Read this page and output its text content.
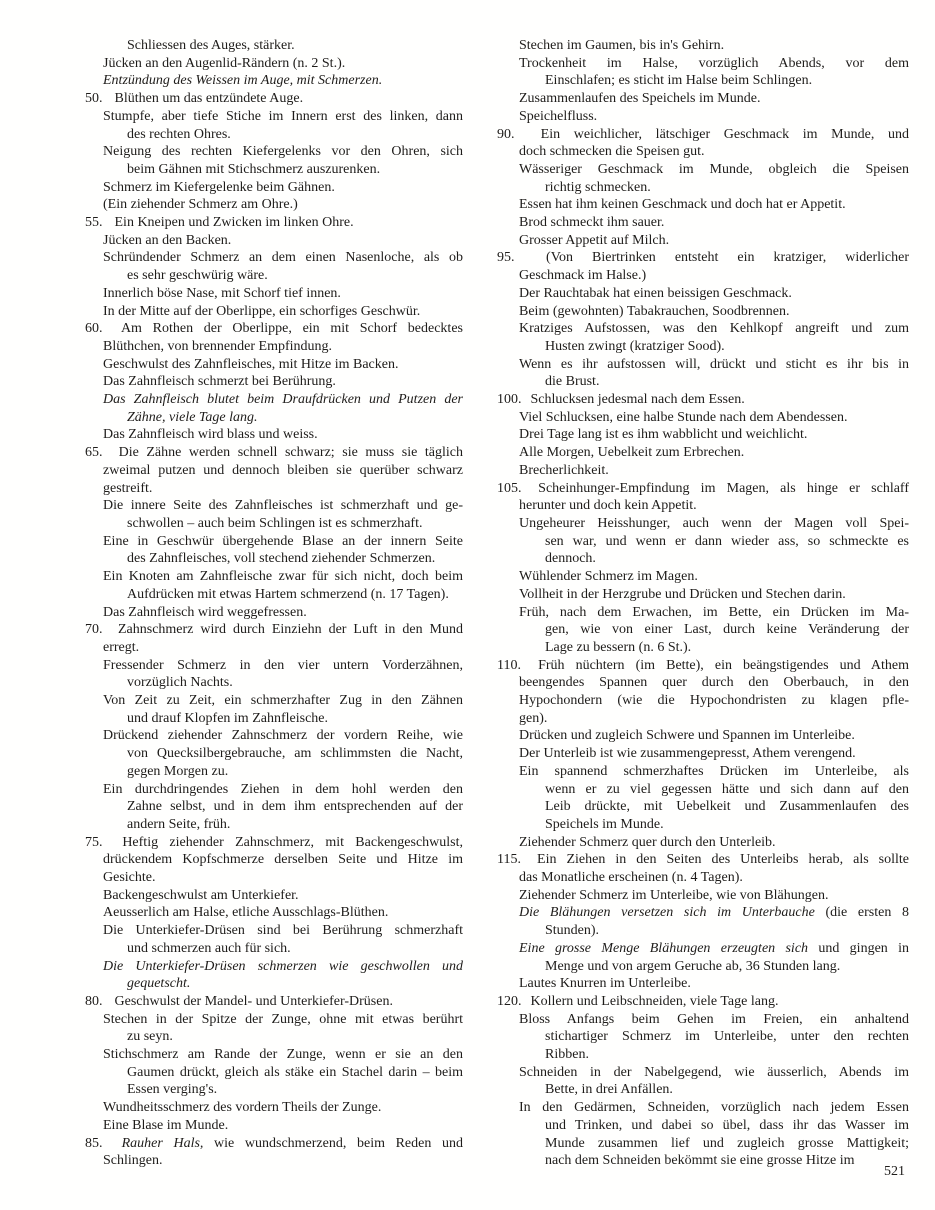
Schliessen des Auges, stärker.
Jücken an den Augenlid-Rändern (n. 2 St.).
Entzündung des Weissen im Auge, mit Schmerzen.
50. Blüthen um das entzündete Auge.
Stumpfe, aber tiefe Stiche im Innern erst des linken, dann
des rechten Ohres.
Neigung des rechten Kiefergelenks vor den Ohren, sich
beim Gähnen mit Stichschmerz auszurenken.
Schmerz im Kiefergelenke beim Gähnen.
(Ein ziehender Schmerz am Ohre.)
55. Ein Kneipen und Zwicken im linken Ohre.
Jücken an den Backen.
Schründender Schmerz an dem einen Nasenloche, als ob
es sehr geschwürig wäre.
Innerlich böse Nase, mit Schorf tief innen.
In der Mitte auf der Oberlippe, ein schorfiges Geschwür.
60. Am Rothen der Oberlippe, ein mit Schorf bedecktes
Blüthchen, von brennender Empfindung.
Geschwulst des Zahnfleisches, mit Hitze im Backen.
Das Zahnfleisch schmerzt bei Berührung.
Das Zahnfleisch blutet beim Draufdrücken und Putzen der
Zähne, viele Tage lang.
Das Zahnfleisch wird blass und weiss.
65. Die Zähne werden schnell schwarz; sie muss sie täglich
zweimal putzen und dennoch bleiben sie querüber schwarz
gestreift.
Die innere Seite des Zahnfleisches ist schmerzhaft und ge-
schwollen – auch beim Schlingen ist es schmerzhaft.
Eine in Geschwür übergehende Blase an der innern Seite
des Zahnfleisches, voll stechend ziehender Schmerzen.
Ein Knoten am Zahnfleische zwar für sich nicht, doch beim
Aufdrücken mit etwas Hartem schmerzend (n. 17 Tagen).
Das Zahnfleisch wird weggefressen.
70. Zahnschmerz wird durch Einziehn der Luft in den Mund
erregt.
Fressender Schmerz in den vier untern Vorderzähnen,
vorzüglich Nachts.
Von Zeit zu Zeit, ein schmerzhafter Zug in den Zähnen
und drauf Klopfen im Zahnfleische.
Drückend ziehender Zahnschmerz der vordern Reihe, wie
von Quecksilbergebrauche, am schlimmsten die Nacht,
gegen Morgen zu.
Ein durchdringendes Ziehen in dem hohl werden den
Zahne selbst, und in dem ihm entsprechenden auf der
andern Seite, früh.
75. Heftig ziehender Zahnschmerz, mit Backengeschwulst,
drückendem Kopfschmerze derselben Seite und Hitze im
Gesichte.
Backengeschwulst am Unterkiefer.
Aeusserlich am Halse, etliche Ausschlags-Blüthen.
Die Unterkiefer-Drüsen sind bei Berührung schmerzhaft
und schmerzen auch für sich.
Die Unterkiefer-Drüsen schmerzen wie geschwollen und
gequetscht.
80. Geschwulst der Mandel- und Unterkiefer-Drüsen.
Stechen in der Spitze der Zunge, ohne mit etwas berührt
zu seyn.
Stichschmerz am Rande der Zunge, wenn er sie an den
Gaumen drückt, gleich als stäke ein Stachel darin – beim
Essen verging's.
Wundheitsschmerz des vordern Theils der Zunge.
Eine Blase im Munde.
85. Rauher Hals, wie wundschmerzend, beim Reden und
Schlingen.
Stechen im Gaumen, bis in's Gehirn.
Trockenheit im Halse, vorzüglich Abends, vor dem
Einschlafen; es sticht im Halse beim Schlingen.
Zusammenlaufen des Speichels im Munde.
Speichelfluss.
90. Ein weichlicher, lätschiger Geschmack im Munde, und
doch schmecken die Speisen gut.
Wässeriger Geschmack im Munde, obgleich die Speisen
richtig schmecken.
Essen hat ihm keinen Geschmack und doch hat er Appetit.
Brod schmeckt ihm sauer.
Grosser Appetit auf Milch.
95. (Von Biertrinken entsteht ein kratziger, widerlicher
Geschmack im Halse.)
Der Rauchtabak hat einen beissigen Geschmack.
Beim (gewohnten) Tabakrauchen, Soodbrennen.
Kratziges Aufstossen, was den Kehlkopf angreift und zum
Husten zwingt (kratziger Sood).
Wenn es ihr aufstossen will, drückt und sticht es ihr bis in
die Brust.
100. Schlucksen jedesmal nach dem Essen.
Viel Schlucksen, eine halbe Stunde nach dem Abendessen.
Drei Tage lang ist es ihm wabblicht und weichlicht.
Alle Morgen, Uebelkeit zum Erbrechen.
Brecherlichkeit.
105. Scheinhunger-Empfindung im Magen, als hinge er schlaff
herunter und doch kein Appetit.
Ungeheurer Heisshunger, auch wenn der Magen voll Spei-
sen war, und wenn er dann wieder ass, so schmeckte es
dennoch.
Wühlender Schmerz im Magen.
Vollheit in der Herzgrube und Drücken und Stechen darin.
Früh, nach dem Erwachen, im Bette, ein Drücken im Ma-
gen, wie von einer Last, durch keine Veränderung der
Lage zu bessern (n. 6 St.).
110. Früh nüchtern (im Bette), ein beängstigendes und Athem
beengendes Spannen quer durch den Oberbauch, in den
Hypochondern (wie die Hypochondristen zu klagen pfle-
gen).
Drücken und zugleich Schwere und Spannen im Unterleibe.
Der Unterleib ist wie zusammengepresst, Athem verengend.
Ein spannend schmerzhaftes Drücken im Unterleibe, als
wenn er zu viel gegessen hätte und sich dann auf den
Leib drückte, mit Uebelkeit und Zusammenlaufen des
Speichels im Munde.
Ziehender Schmerz quer durch den Unterleib.
115. Ein Ziehen in den Seiten des Unterleibs herab, als sollte
das Monatliche erscheinen (n. 4 Tagen).
Ziehender Schmerz im Unterleibe, wie von Blähungen.
Die Blähungen versetzen sich im Unterbauche (die ersten 8
Stunden).
Eine grosse Menge Blähungen erzeugten sich und gingen in
Menge und von argem Geruche ab, 36 Stunden lang.
Lautes Knurren im Unterleibe.
120. Kollern und Leibschneiden, viele Tage lang.
Bloss Anfangs beim Gehen im Freien, ein anhaltend
stichartiger Schmerz im Unterleibe, unter den rechten
Ribben.
Schneiden in der Nabelgegend, wie äusserlich, Abends im
Bette, in drei Anfällen.
In den Gedärmen, Schneiden, vorzüglich nach jedem Essen
und Trinken, und dabei so übel, dass ihr das Wasser im
Munde zusammen lief und zugleich grosse Mattigkeit;
nach dem Schneiden bekömmt sie eine grosse Hitze im
521
